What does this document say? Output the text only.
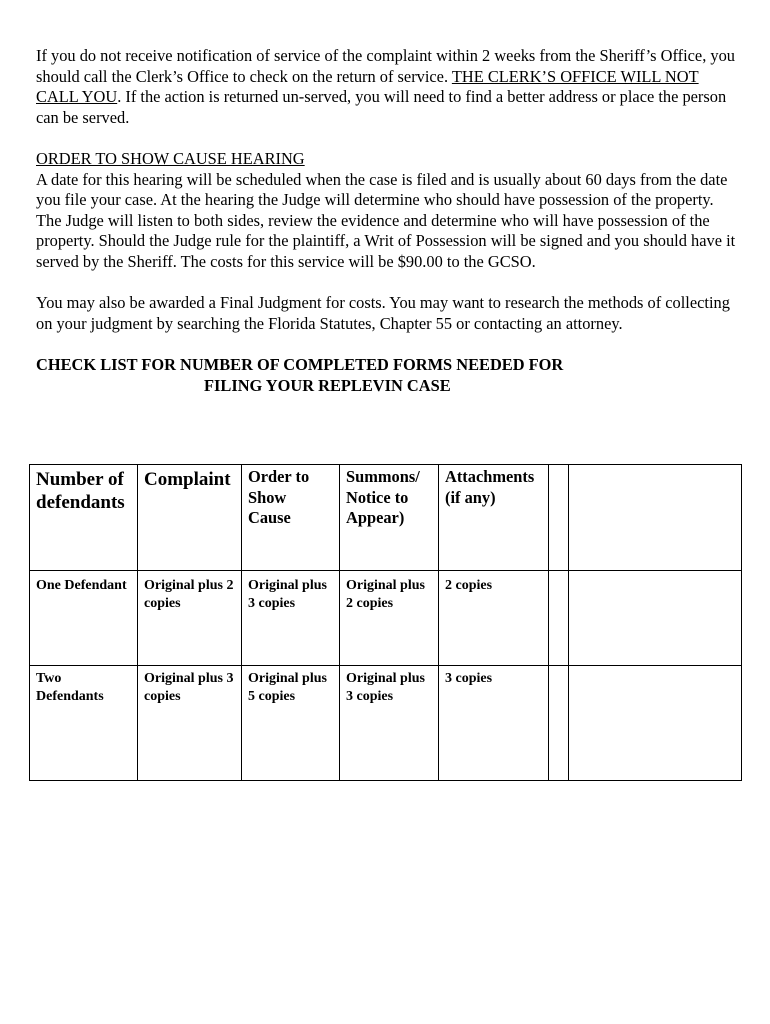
If you do not receive notification of service of the complaint within 2 weeks from the Sheriff’s Office, you should call the Clerk’s Office to check on the return of service. THE CLERK’S OFFICE WILL NOT CALL YOU. If the action is returned un-served, you will need to find a better address or place the person can be served.

ORDER TO SHOW CAUSE HEARING

A date for this hearing will be scheduled when the case is filed and is usually about 60 days from the date you file your case. At the hearing the Judge will determine who should have possession of the property. The Judge will listen to both sides, review the evidence and determine who will have possession of the property. Should the Judge rule for the plaintiff, a Writ of Possession will be signed and you should have it served by the Sheriff. The costs for this service will be $90.00 to the GCSO.

You may also be awarded a Final Judgment for costs. You may want to research the methods of collecting on your judgment by searching the Florida Statutes, Chapter 55 or contacting an attorney.

CHECK LIST FOR NUMBER OF COMPLETED FORMS NEEDED FOR

FILING YOUR REPLEVIN CASE

Number of defendants	Complaint	Order to Show Cause	Summons/ Notice to Appear)	Attachments (if any)		
One Defendant	Original plus 2 copies	Original plus 3 copies	Original plus 2 copies	2 copies		
Two Defendants	Original plus 3 copies	Original plus 5 copies	Original plus 3 copies	3 copies		
